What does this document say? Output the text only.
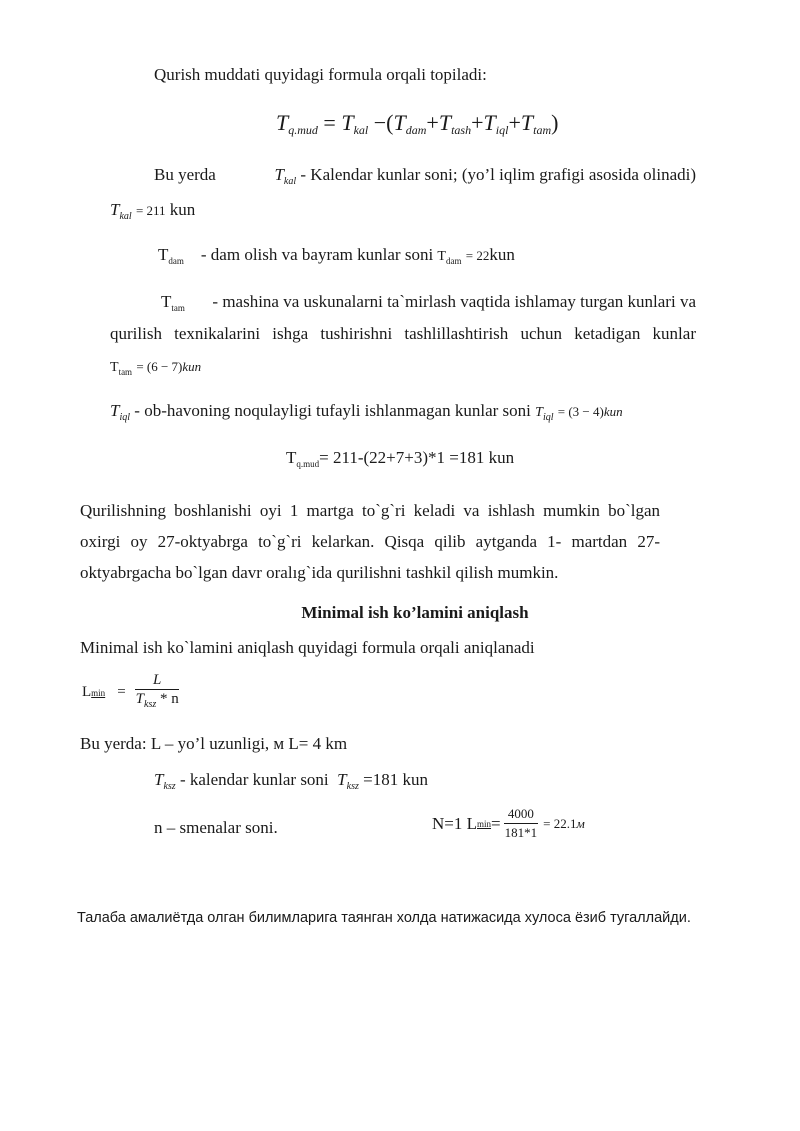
Qurish muddati quyidagi formula orqali topiladi:
$T_{q.mud} = T_{kal} -(T_{dam}+T_{tash}+T_{iql}+T_{tam})$
Bu yerda	$T_{kal}$ - Kalendar kunlar soni; (yo’l iqlim grafigi asosida olinadi)
$T_{kal} = 211$ kun
$T_{dam}$ - dam olish va bayram kunlar soni $T_{dam} = 22kun$
$T_{tam}$ - mashina va uskunalarni ta`mirlash vaqtida ishlamay turgan kunlari va
qurilish texnikalarini ishga tushirishni tashlillashtirish uchun ketadigan kunlar
$T_{tam} = (6 - 7)kun$
$T_{iql}$ - ob-havoning noqulayligi tufayli ishlanmagan kunlar soni $T_{iql} = (3 - 4)kun$
$T_{q.mud}= 211-(22+7+3)*1 =181$ kun
Qurilishning boshlanishi oyi 1 martga to`g`ri keladi va ishlash mumkin bo`lgan
oxirgi oy 27-oktyabrga to`g`ri kelarkan. Qisqa qilib aytganda 1- martdan 27-
oktyabrgacha bo`lgan davr oralıg`ida qurilishni tashkil qilish mumkin.
Minimal ish ko’lamini aniqlash
Minimal ish ko`lamini aniqlash quyidagi formula orqali aniqlanadi
L $\min = \frac{L}{T_{ksz} * n}$
Bu yerda: L – yo’l uzunligi, м L= 4 km
$T_{ksz}$ - kalendar kunlar soni $T_{ksz} =181$ kun
n – smenalar soni.	N=1 L $\min = \frac{4000}{181*1} = 22.1$ м
Талаба амалиётда олган билимларига таянган холда натижасида хулоса ёзиб тугаллайди.
